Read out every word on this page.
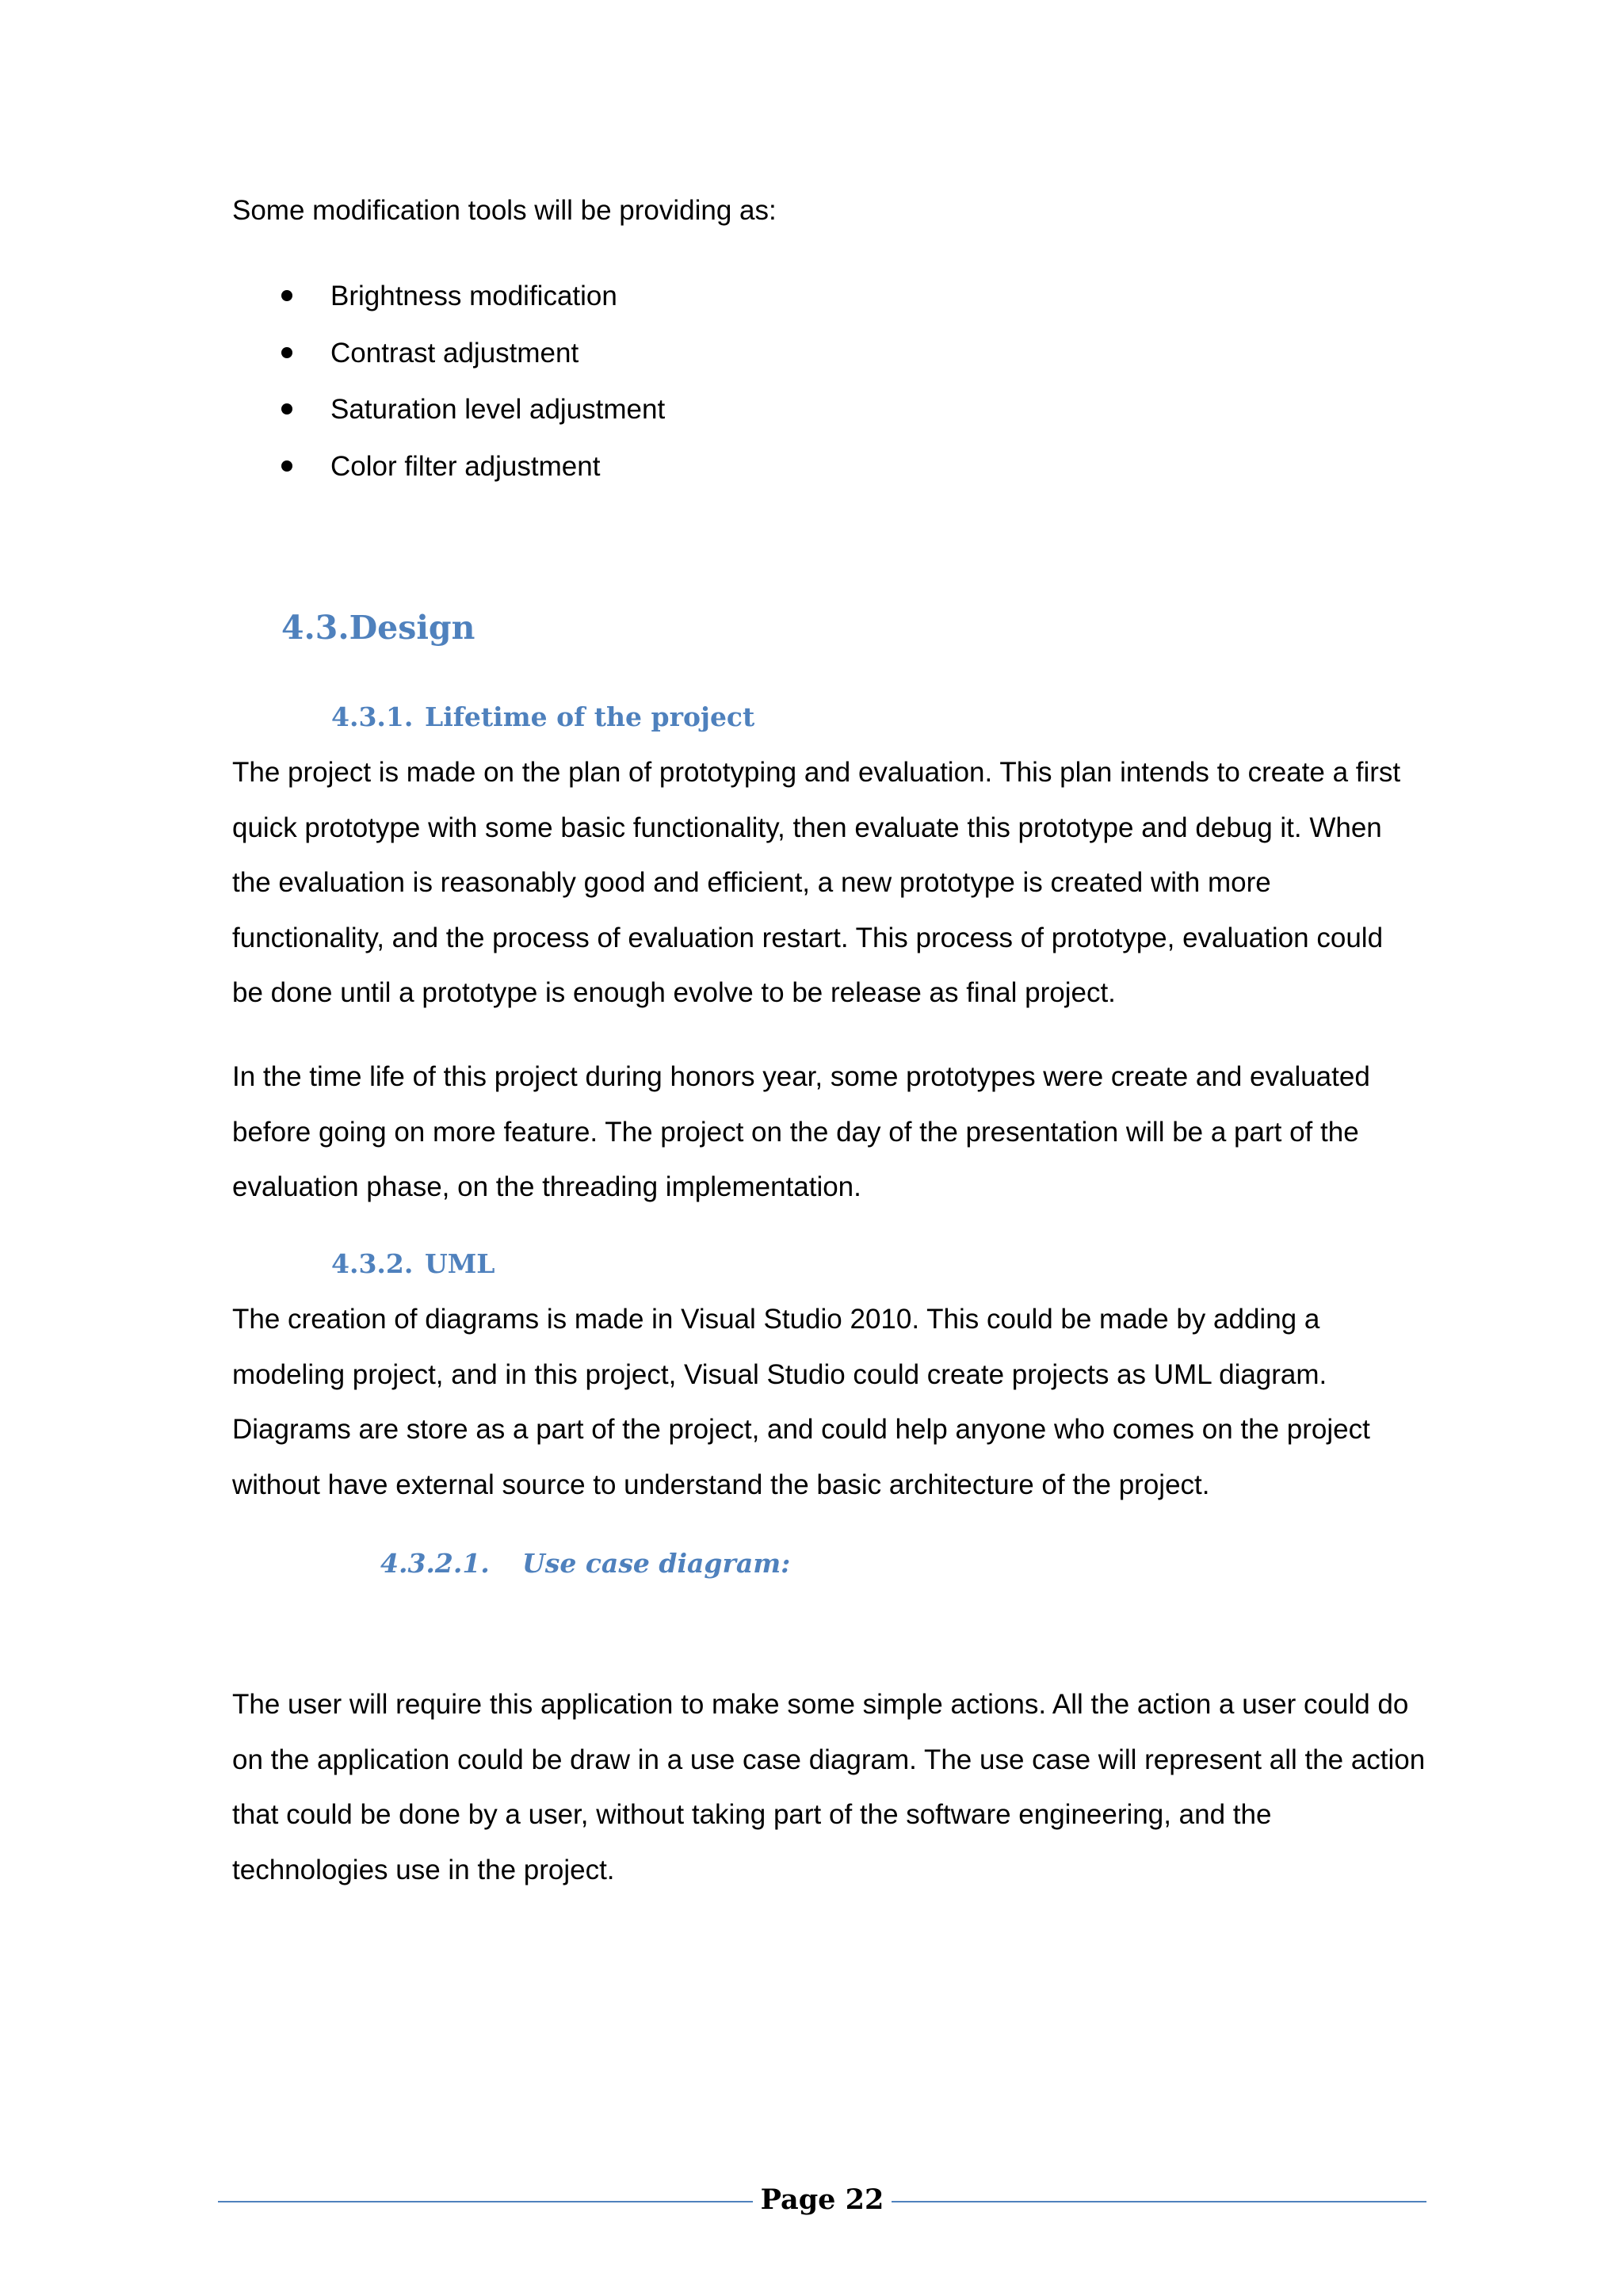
Some modification tools will be providing as:
Brightness modification
Contrast adjustment
Saturation level adjustment
Color filter adjustment
4.3.Design
4.3.1. Lifetime of the project
The project is made on the plan of prototyping and evaluation. This plan intends to create a first
quick prototype with some basic functionality, then evaluate this prototype and debug it. When
the evaluation is reasonably good and efficient, a new prototype is created with more
functionality, and the process of evaluation restart. This process of prototype, evaluation could
be done until a prototype is enough evolve to be release as final project.
In the time life of this project during honors year, some prototypes were create and evaluated
before going on more feature. The project on the day of the presentation will be a part of the
evaluation phase, on the threading implementation.
4.3.2. UML
The creation of diagrams is made in Visual Studio 2010. This could be made by adding a
modeling project, and in this project, Visual Studio could create projects as UML diagram.
Diagrams are store as a part of the project, and could help anyone who comes on the project
without have external source to understand the basic architecture of the project.
4.3.2.1. Use case diagram:
The user will require this application to make some simple actions. All the action a user could do
on the application could be draw in a use case diagram. The use case will represent all the action
that could be done by a user, without taking part of the software engineering, and the
technologies use in the project.
Page 22
